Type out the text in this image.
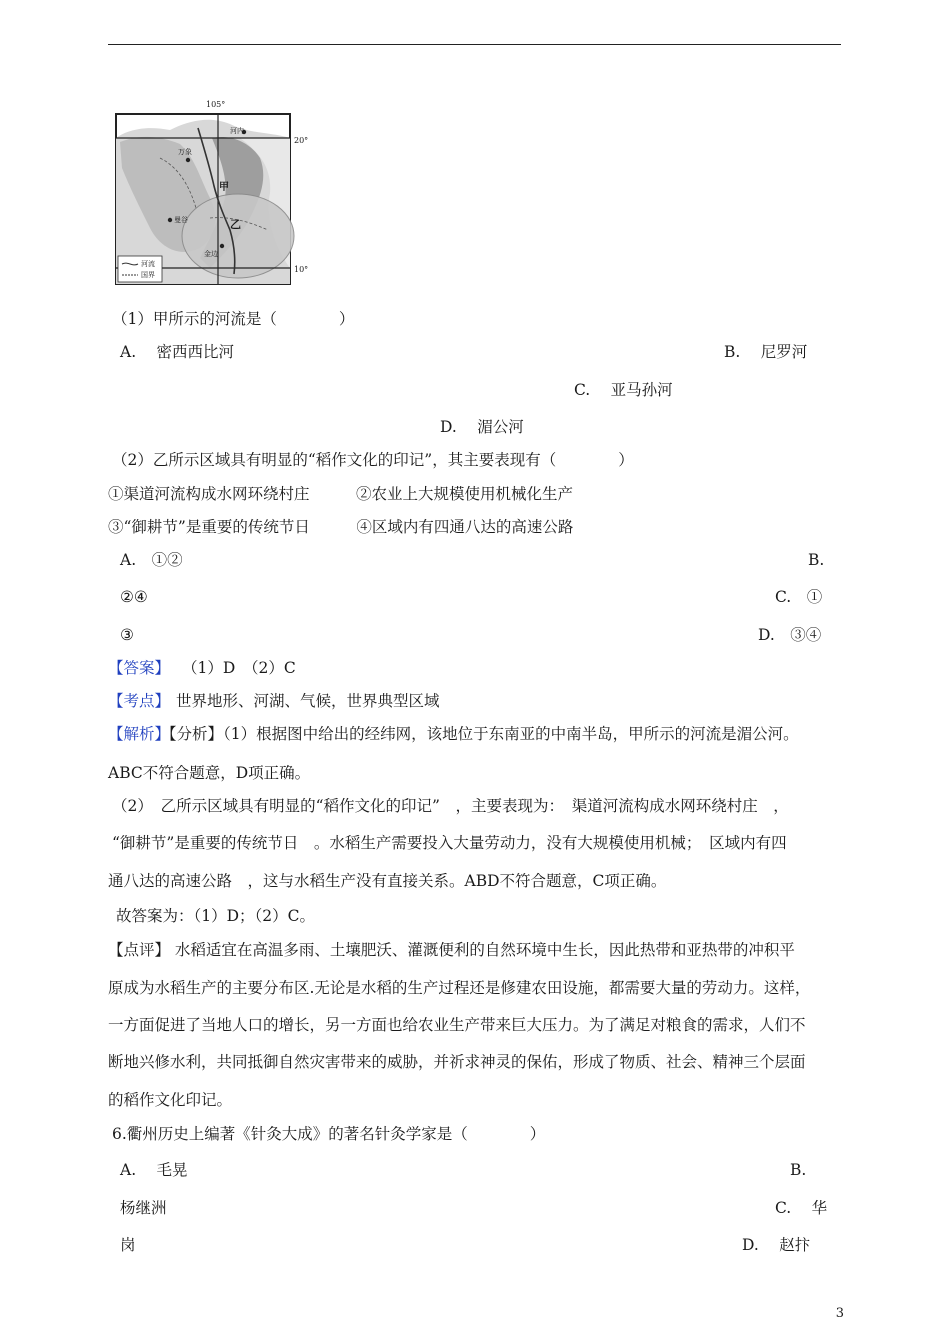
105°
20°
10°
甲
乙
万象
曼谷
金边
河内
河流
国界
（1）甲所示的河流是（　　　　）
A.　 密西西比河	B.　 尼罗河
C.　 亚马孙河
D.　 湄公河
（2）乙所示区域具有明显的“稻作文化的印记”，其主要表现有（　　　　）
①渠道河流构成水网环绕村庄　　　②农业上大规模使用机械化生产
③“御耕节”是重要的传统节日　　　④区域内有四通八达的高速公路
A.　①②	B.
②④	C.　①
③	D.　③④
【答案】 （1）D　（2）C
【考点】 世界地形、河湖、气候，世界典型区域
【解析】
【分析】（1）根据图中给出的经纬网，该地位于东南亚的中南半岛，甲所示的河流是湄公河。
ABC不符合题意，D项正确。
（2）　乙所示区域具有明显的“稻作文化的印记”　，主要表现为：　渠道河流构成水网环绕村庄　，
“御耕节”是重要的传统节日　。水稻生产需要投入大量劳动力，没有大规模使用机械；　区域内有四
通八达的高速公路　，这与水稻生产没有直接关系。ABD不符合题意，C项正确。
故答案为：（1）D；（2）C。
【点评】 水稻适宜在高温多雨、土壤肥沃、灌溉便利的自然环境中生长，因此热带和亚热带的冲积平
原成为水稻生产的主要分布区.无论是水稻的生产过程还是修建农田设施，都需要大量的劳动力。这样，
一方面促进了当地人口的增长，另一方面也给农业生产带来巨大压力。为了满足对粮食的需求，人们不
断地兴修水利，共同抵御自然灾害带来的威胁，并祈求神灵的保佑，形成了物质、社会、精神三个层面
的稻作文化印记。
6.衢州历史上编著《针灸大成》的著名针灸学家是（　　　　）
A.　 毛晃	B.
杨继洲	C.　 华
岗	D.　 赵抃
3
